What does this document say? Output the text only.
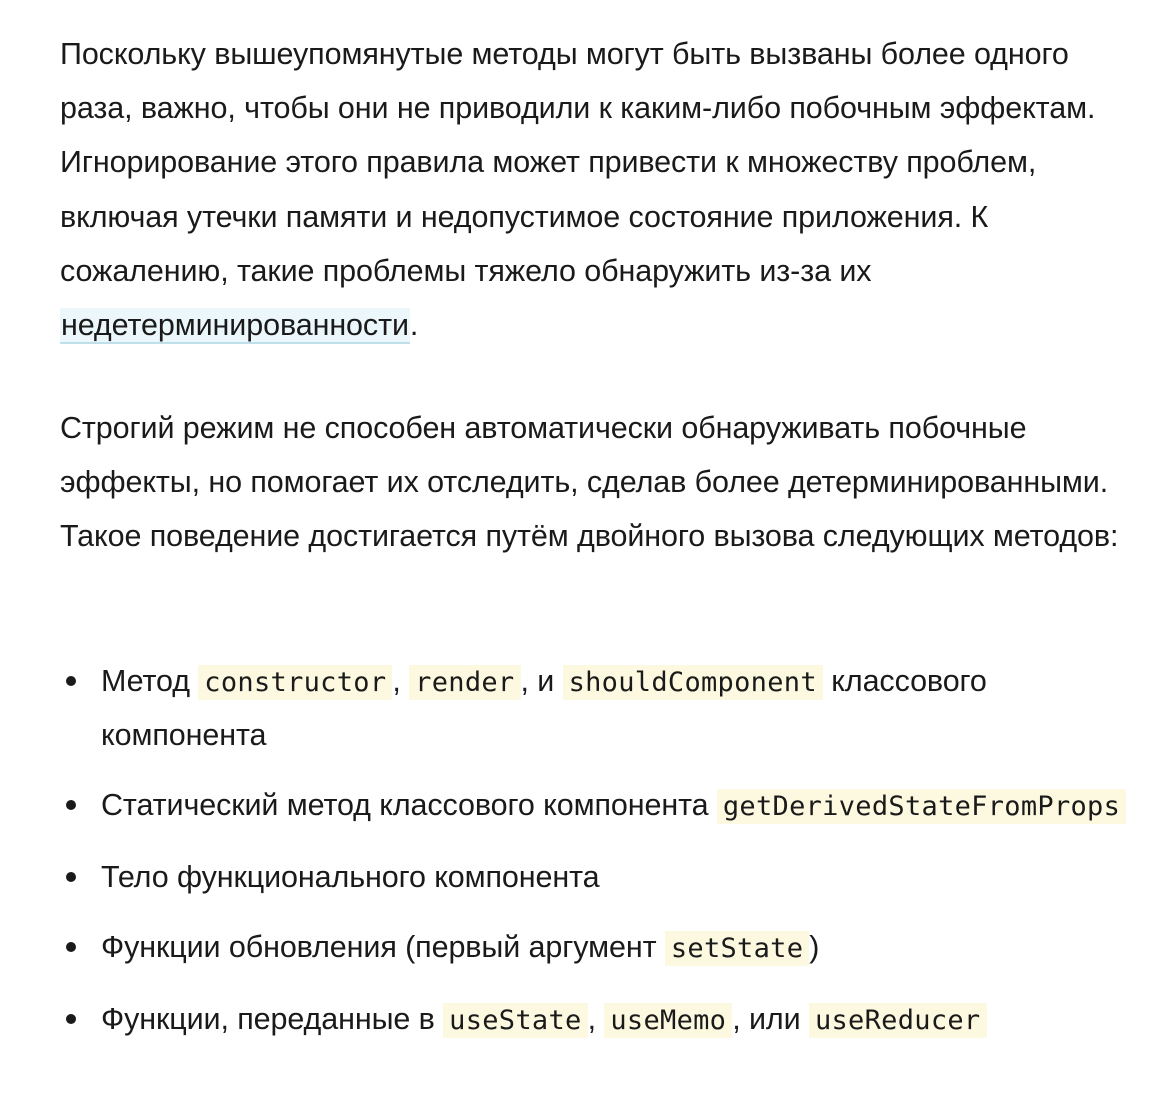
Поскольку вышеупомянутые методы могут быть вызваны более одного раза, важно, чтобы они не приводили к каким-либо побочным эффектам. Игнорирование этого правила может привести к множеству проблем, включая утечки памяти и недопустимое состояние приложения. К сожалению, такие проблемы тяжело обнаружить из-за их недетерминированности.

Строгий режим не способен автоматически обнаруживать побочные эффекты, но помогает их отследить, сделав более детерминированными. Такое поведение достигается путём двойного вызова следующих методов:

Метод constructor , render , и shouldComponent классового компонента
Статический метод классового компонента getDerivedStateFromProps
Тело функционального компонента
Функции обновления (первый аргумент setState )
Функции, переданные в useState , useMemo , или useReducer
